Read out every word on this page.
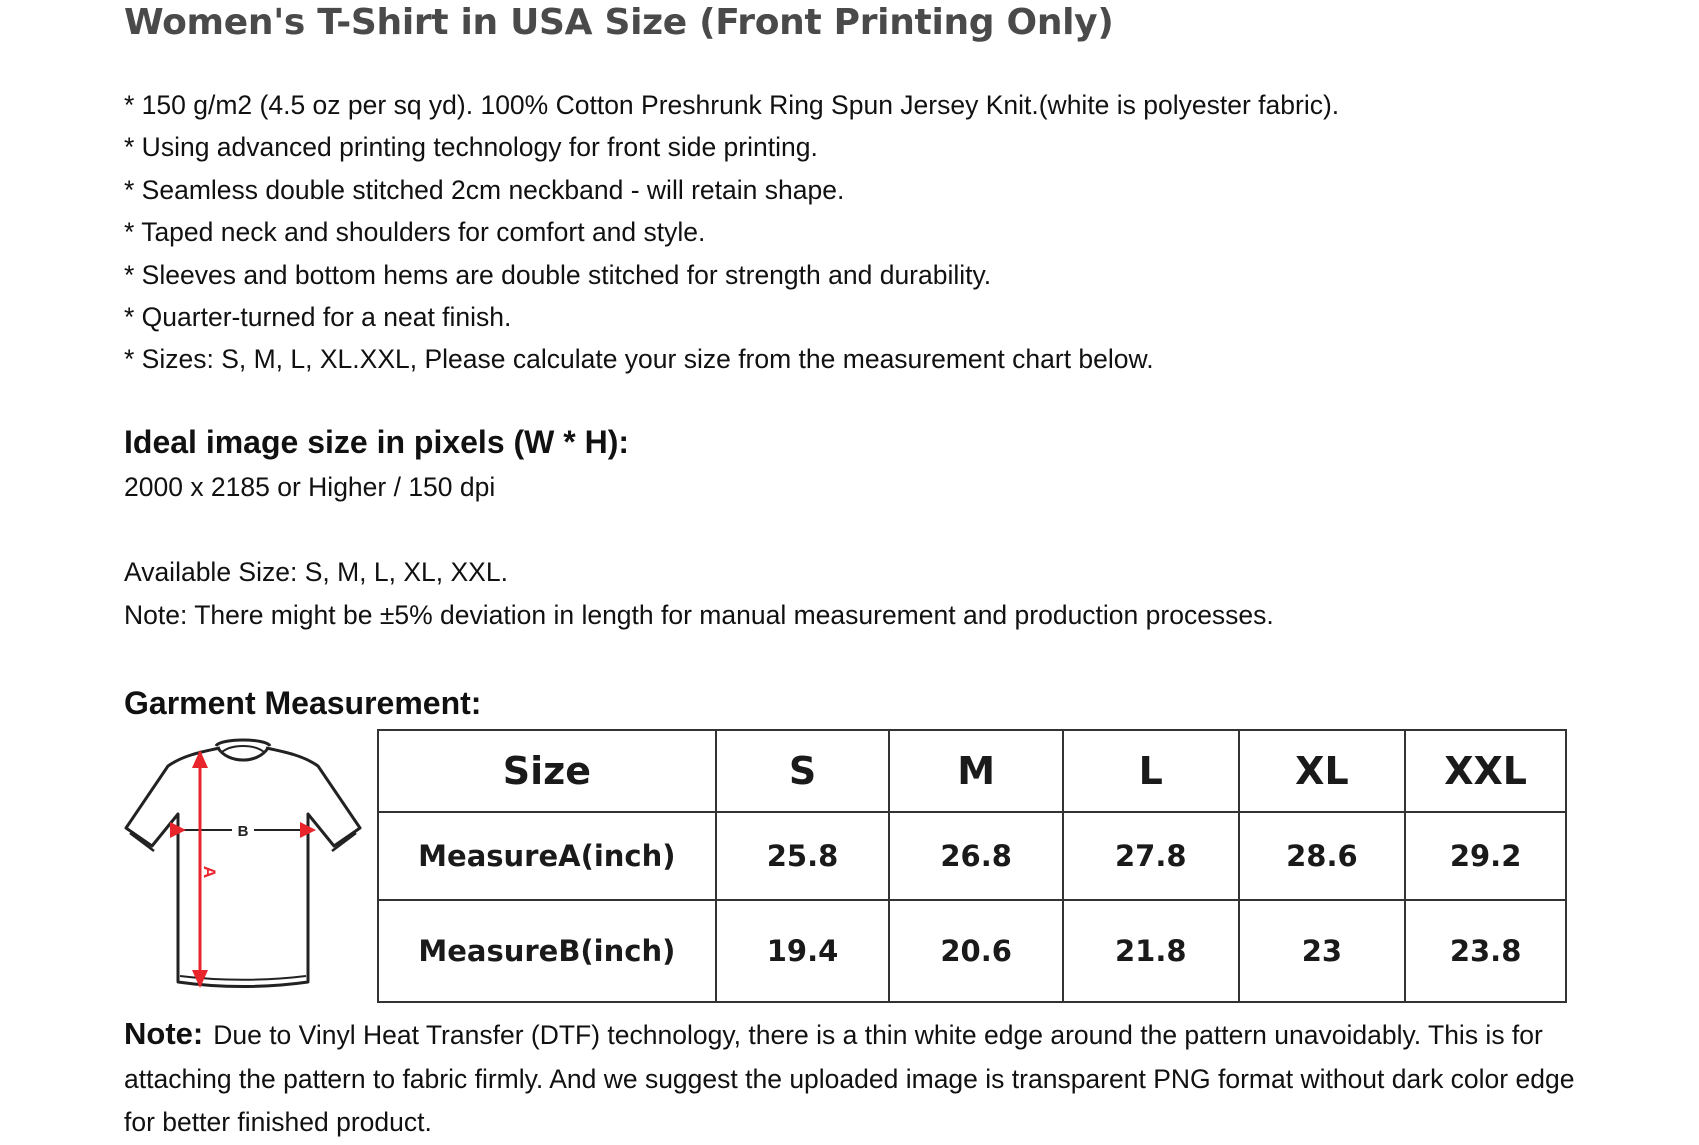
Women's T-Shirt in USA Size (Front Printing Only)
* 150 g/m2 (4.5 oz per sq yd). 100% Cotton Preshrunk Ring Spun Jersey Knit.(white is polyester fabric).
* Using advanced printing technology for front side printing.
* Seamless double stitched 2cm neckband - will retain shape.
* Taped neck and shoulders for comfort and style.
* Sleeves and bottom hems are double stitched for strength and durability.
* Quarter-turned for a neat finish.
* Sizes: S, M, L, XL.XXL, Please calculate your size from the measurement chart below.
Ideal image size in pixels (W * H):
2000 x 2185 or Higher / 150 dpi
Available Size: S, M, L, XL, XXL.
Note: There might be ±5% deviation in length for manual measurement and production processes.
Garment Measurement:
B
A
Size	S	M	L	XL	XXL
MeasureA(inch)	25.8	26.8	27.8	28.6	29.2
MeasureB(inch)	19.4	20.6	21.8	23	23.8
Note: Due to Vinyl Heat Transfer (DTF) technology, there is a thin white edge around the pattern unavoidably. This is for attaching the pattern to fabric firmly. And we suggest the uploaded image is transparent PNG format without dark color edge for better finished product.
